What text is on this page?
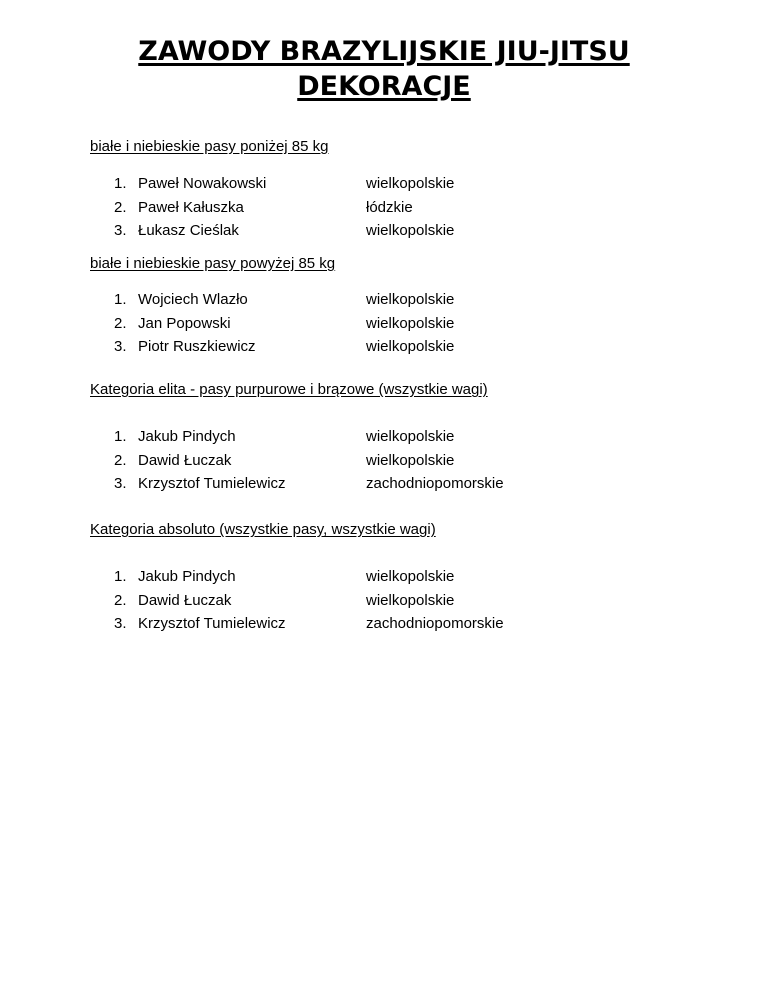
ZAWODY BRAZYLIJSKIE JIU-JITSU
DEKORACJE
białe i niebieskie pasy poniżej 85 kg
1. Paweł Nowakowski	wielkopolskie
2. Paweł Kałuszka	łódzkie
3. Łukasz Cieślak	wielkopolskie
białe i niebieskie pasy powyżej 85 kg
1. Wojciech Wlazło	wielkopolskie
2. Jan Popowski	wielkopolskie
3. Piotr Ruszkiewicz	wielkopolskie
Kategoria elita - pasy purpurowe i brązowe (wszystkie wagi)
1. Jakub Pindych	wielkopolskie
2. Dawid Łuczak	wielkopolskie
3. Krzysztof Tumielewicz	zachodniopomorskie
Kategoria absoluto (wszystkie pasy, wszystkie wagi)
1. Jakub Pindych	wielkopolskie
2. Dawid Łuczak	wielkopolskie
3. Krzysztof Tumielewicz	zachodniopomorskie
